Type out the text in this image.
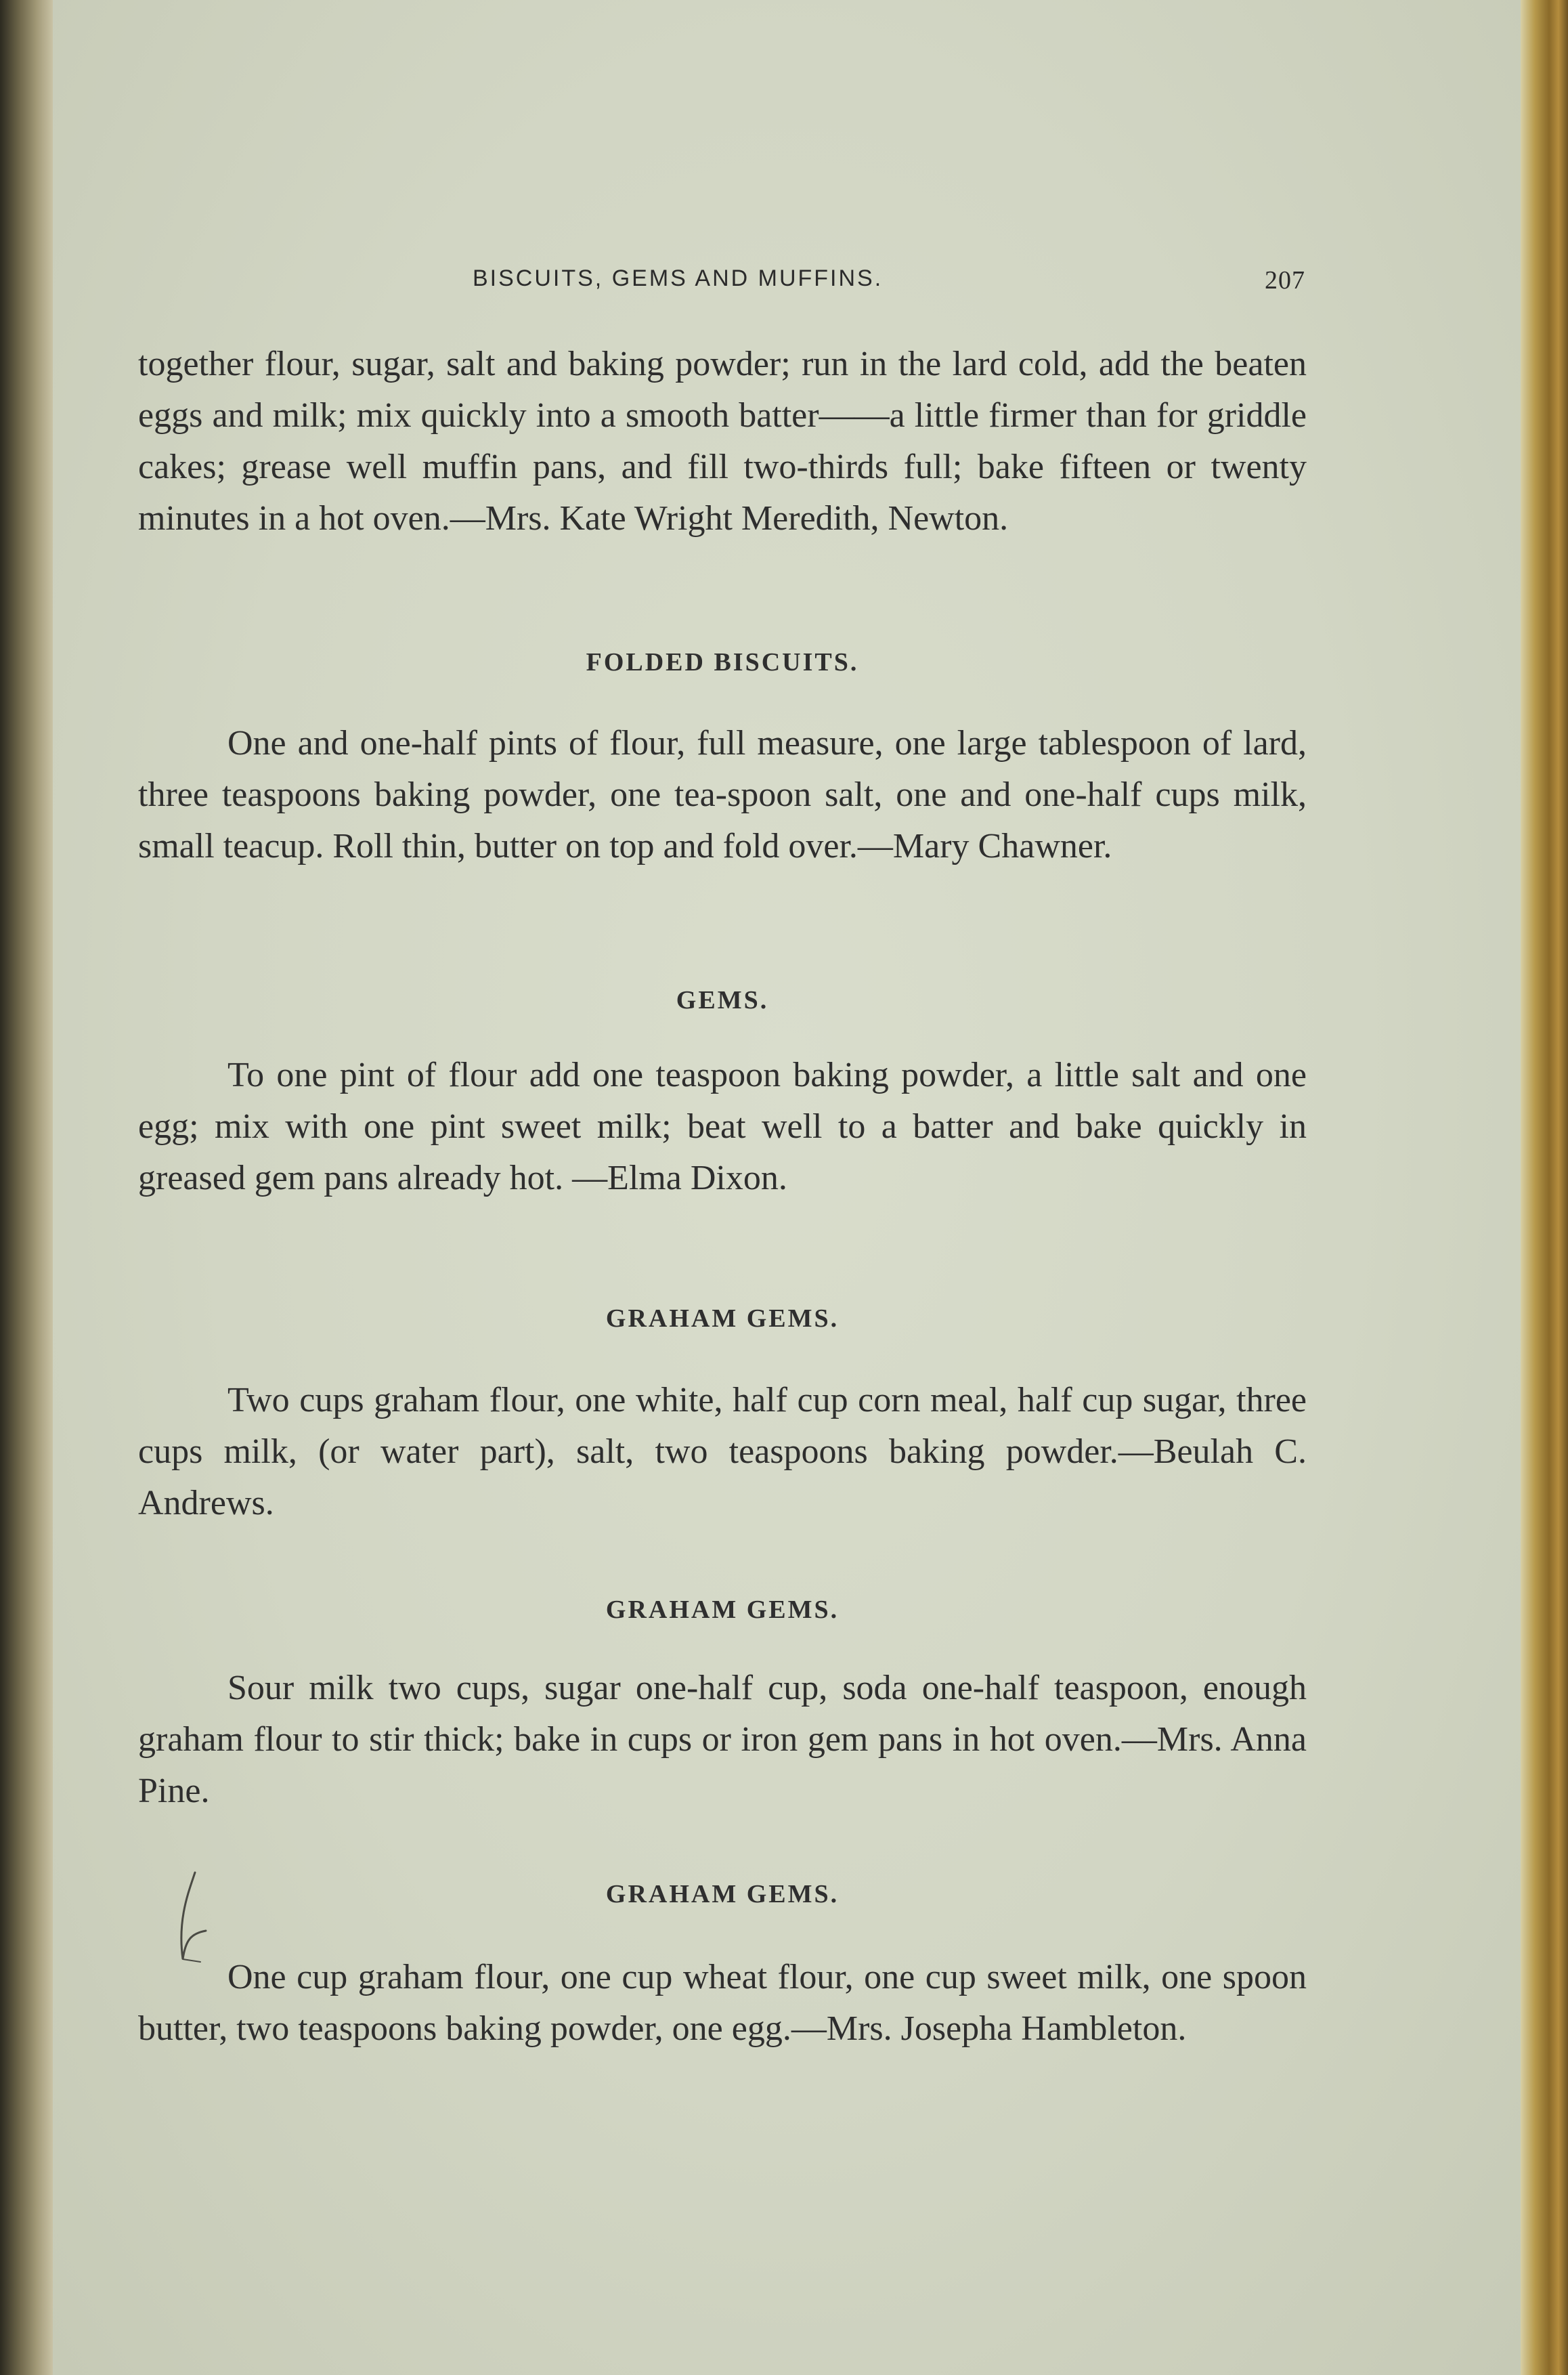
BISCUITS, GEMS AND MUFFINS.	207

together flour, sugar, salt and baking powder; run in the lard cold, add the beaten eggs and milk; mix quickly into a smooth batter——a little firmer than for griddle cakes; grease well muffin pans, and fill two-thirds full; bake fifteen or twenty minutes in a hot oven.—Mrs. Kate Wright Meredith, Newton.

FOLDED BISCUITS.

One and one-half pints of flour, full measure, one large tablespoon of lard, three teaspoons baking powder, one tea-spoon salt, one and one-half cups milk, small teacup. Roll thin, butter on top and fold over.—Mary Chawner.

GEMS.

To one pint of flour add one teaspoon baking powder, a little salt and one egg; mix with one pint sweet milk; beat well to a batter and bake quickly in greased gem pans already hot. —Elma Dixon.

GRAHAM GEMS.

Two cups graham flour, one white, half cup corn meal, half cup sugar, three cups milk, (or water part), salt, two teaspoons baking powder.—Beulah C. Andrews.

GRAHAM GEMS.

Sour milk two cups, sugar one-half cup, soda one-half teaspoon, enough graham flour to stir thick; bake in cups or iron gem pans in hot oven.—Mrs. Anna Pine.

GRAHAM GEMS.

One cup graham flour, one cup wheat flour, one cup sweet milk, one spoon butter, two teaspoons baking powder, one egg.—Mrs. Josepha Hambleton.
